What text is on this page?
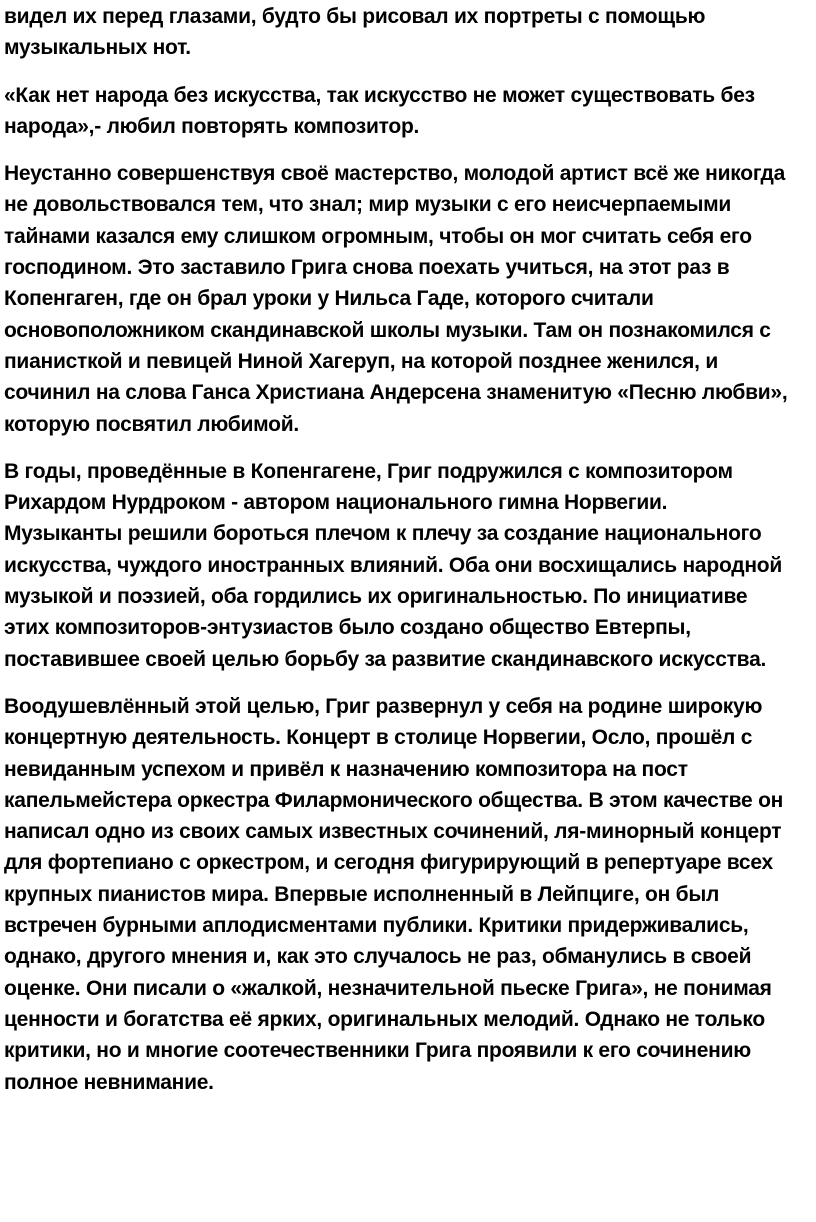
видел их перед глазами, будто бы рисовал их портреты с помощью
музыкальных нот.

«Как нет народа без искусства, так искусство не может существовать без
народа»,- любил повторять композитор.

Неустанно совершенствуя своё мастерство, молодой артист всё же никогда
не довольствовался тем, что знал; мир музыки с его неисчерпаемыми
тайнами казался ему слишком огромным, чтобы он мог считать себя его
господином. Это заставило Грига снова поехать учиться, на этот раз в
Копенгаген, где он брал уроки у Нильса Гаде, которого считали
основоположником скандинавской школы музыки. Там он познакомился с
пианисткой и певицей Ниной Хагеруп, на которой позднее женился, и
сочинил на слова Ганса Христиана Андерсена знаменитую «Песню любви»,
которую посвятил любимой.

В годы, проведённые в Копенгагене, Григ подружился с композитором
Рихардом Нурдроком - автором национального гимна Норвегии.
Музыканты решили бороться плечом к плечу за создание национального
искусства, чуждого иностранных влияний. Оба они восхищались народной
музыкой и поэзией, оба гордились их оригинальностью. По инициативе
этих композиторов-энтузиастов было создано общество Евтерпы,
поставившее своей целью борьбу за развитие скандинавского искусства.

Воодушевлённый этой целью, Григ развернул у себя на родине широкую
концертную деятельность. Концерт в столице Норвегии, Осло, прошёл с
невиданным успехом и привёл к назначению композитора на пост
капельмейстера оркестра Филармонического общества. В этом качестве он
написал одно из своих самых известных сочинений, ля-минорный концерт
для фортепиано с оркестром, и сегодня фигурирующий в репертуаре всех
крупных пианистов мира. Впервые исполненный в Лейпциге, он был
встречен бурными аплодисментами публики. Критики придерживались,
однако, другого мнения и, как это случалось не раз, обманулись в своей
оценке. Они писали о «жалкой, незначительной пьеске Грига», не понимая
ценности и богатства её ярких, оригинальных мелодий. Однако не только
критики, но и многие соотечественники Грига проявили к его сочинению
полное невнимание.
